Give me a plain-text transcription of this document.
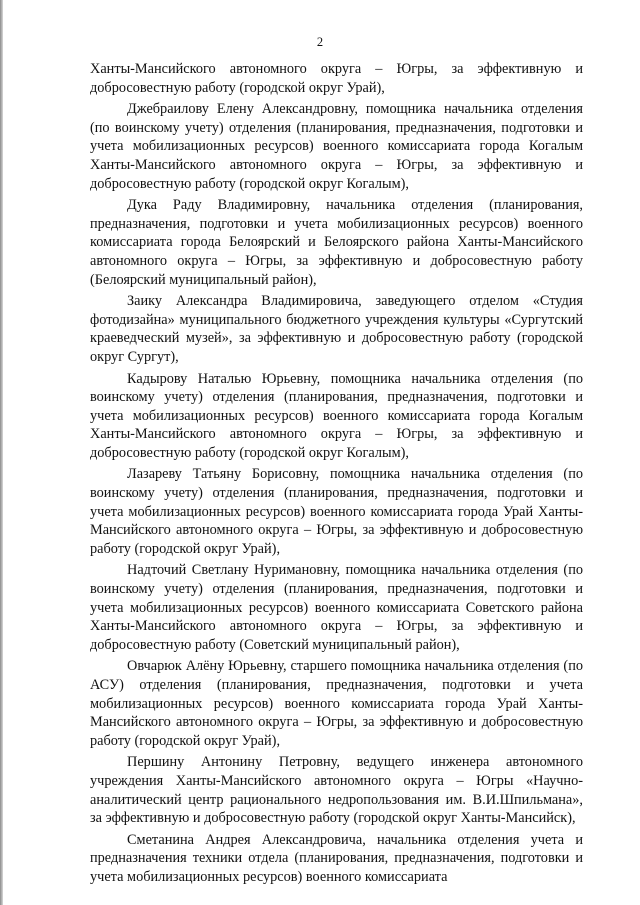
2

Ханты-Мансийского автономного округа – Югры, за эффективную и добросовестную работу (городской округ Урай),

Джебраилову Елену Александровну, помощника начальника отделения (по воинскому учету) отделения (планирования, предназначения, подготовки и учета мобилизационных ресурсов) военного комиссариата города Когалым Ханты-Мансийского автономного округа – Югры, за эффективную и добросовестную работу (городской округ Когалым),

Дука Раду Владимировну, начальника отделения (планирования, предназначения, подготовки и учета мобилизационных ресурсов) военного комиссариата города Белоярский и Белоярского района Ханты-Мансийского автономного округа – Югры, за эффективную и добросовестную работу (Белоярский муниципальный район),

Заику Александра Владимировича, заведующего отделом «Студия фотодизайна» муниципального бюджетного учреждения культуры «Сургутский краеведческий музей», за эффективную и добросовестную работу (городской округ Сургут),

Кадырову Наталью Юрьевну, помощника начальника отделения (по воинскому учету) отделения (планирования, предназначения, подготовки и учета мобилизационных ресурсов) военного комиссариата города Когалым Ханты-Мансийского автономного округа – Югры, за эффективную и добросовестную работу (городской округ Когалым),

Лазареву Татьяну Борисовну, помощника начальника отделения (по воинскому учету) отделения (планирования, предназначения, подготовки и учета мобилизационных ресурсов) военного комиссариата города Урай Ханты-Мансийского автономного округа – Югры, за эффективную и добросовестную работу (городской округ Урай),

Надточий Светлану Нуримановну, помощника начальника отделения (по воинскому учету) отделения (планирования, предназначения, подготовки и учета мобилизационных ресурсов) военного комиссариата Советского района Ханты-Мансийского автономного округа – Югры, за эффективную и добросовестную работу (Советский муниципальный район),

Овчарюк Алёну Юрьевну, старшего помощника начальника отделения (по АСУ) отделения (планирования, предназначения, подготовки и учета мобилизационных ресурсов) военного комиссариата города Урай Ханты-Мансийского автономного округа – Югры, за эффективную и добросовестную работу (городской округ Урай),

Першину Антонину Петровну, ведущего инженера автономного учреждения Ханты-Мансийского автономного округа – Югры «Научно-аналитический центр рационального недропользования им. В.И.Шпильмана», за эффективную и добросовестную работу (городской округ Ханты-Мансийск),

Сметанина Андрея Александровича, начальника отделения учета и предназначения техники отдела (планирования, предназначения, подготовки и учета мобилизационных ресурсов) военного комиссариата
